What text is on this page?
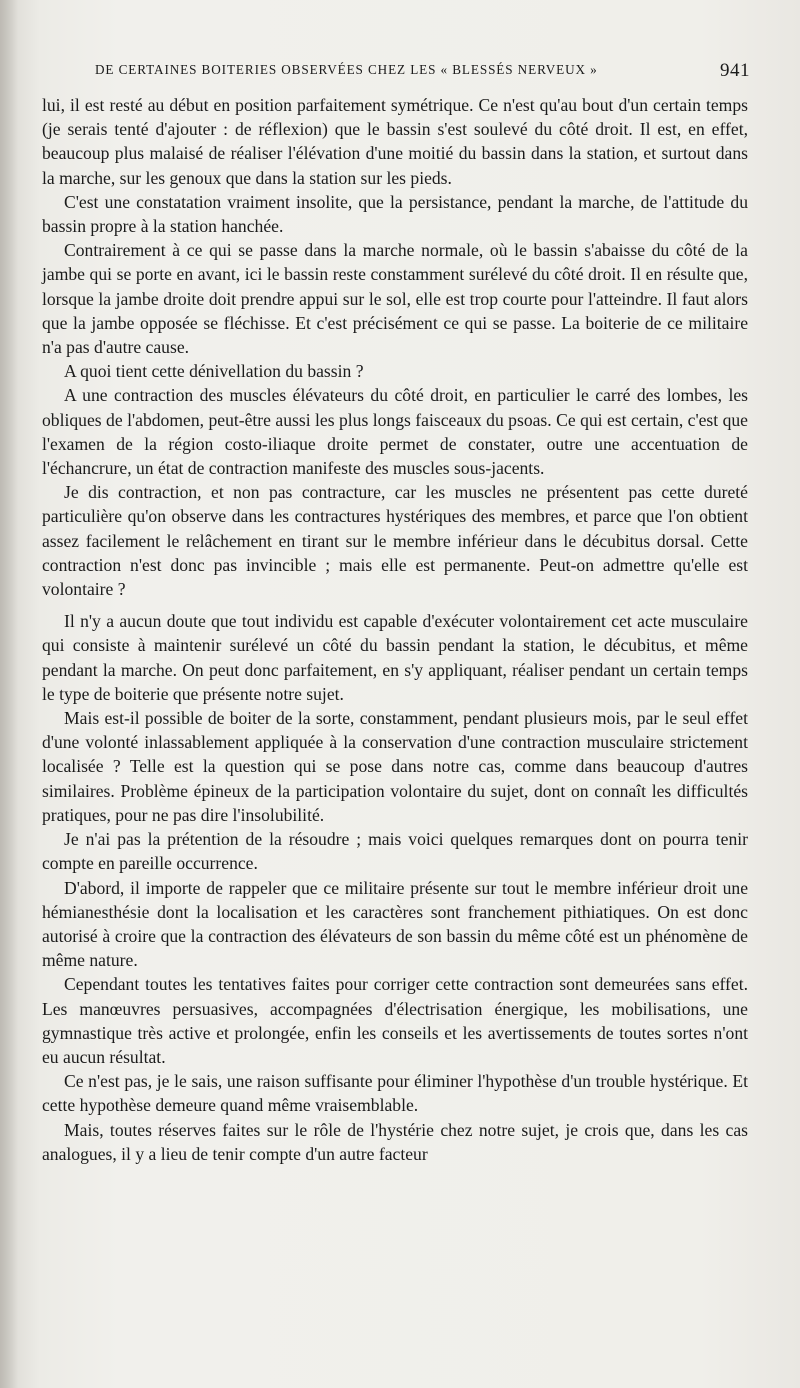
DE CERTAINES BOITERIES OBSERVÉES CHEZ LES « BLESSÉS NERVEUX »	941

lui, il est resté au début en position parfaitement symétrique. Ce n'est qu'au bout d'un certain temps (je serais tenté d'ajouter : de réflexion) que le bassin s'est soulevé du côté droit. Il est, en effet, beaucoup plus malaisé de réaliser l'élévation d'une moitié du bassin dans la station, et surtout dans la marche, sur les genoux que dans la station sur les pieds.

C'est une constatation vraiment insolite, que la persistance, pendant la marche, de l'attitude du bassin propre à la station hanchée.

Contrairement à ce qui se passe dans la marche normale, où le bassin s'abaisse du côté de la jambe qui se porte en avant, ici le bassin reste constamment surélevé du côté droit. Il en résulte que, lorsque la jambe droite doit prendre appui sur le sol, elle est trop courte pour l'atteindre. Il faut alors que la jambe opposée se fléchisse. Et c'est précisément ce qui se passe. La boiterie de ce militaire n'a pas d'autre cause.

A quoi tient cette dénivellation du bassin ?

A une contraction des muscles élévateurs du côté droit, en particulier le carré des lombes, les obliques de l'abdomen, peut-être aussi les plus longs faisceaux du psoas. Ce qui est certain, c'est que l'examen de la région costo-iliaque droite permet de constater, outre une accentuation de l'échancrure, un état de contraction manifeste des muscles sous-jacents.

Je dis contraction, et non pas contracture, car les muscles ne présentent pas cette dureté particulière qu'on observe dans les contractures hystériques des membres, et parce que l'on obtient assez facilement le relâchement en tirant sur le membre inférieur dans le décubitus dorsal. Cette contraction n'est donc pas invincible ; mais elle est permanente. Peut-on admettre qu'elle est volontaire ?

Il n'y a aucun doute que tout individu est capable d'exécuter volontairement cet acte musculaire qui consiste à maintenir surélevé un côté du bassin pendant la station, le décubitus, et même pendant la marche. On peut donc parfaitement, en s'y appliquant, réaliser pendant un certain temps le type de boiterie que présente notre sujet.

Mais est-il possible de boiter de la sorte, constamment, pendant plusieurs mois, par le seul effet d'une volonté inlassablement appliquée à la conservation d'une contraction musculaire strictement localisée ? Telle est la question qui se pose dans notre cas, comme dans beaucoup d'autres similaires. Problème épineux de la participation volontaire du sujet, dont on connaît les difficultés pratiques, pour ne pas dire l'insolubilité.

Je n'ai pas la prétention de la résoudre ; mais voici quelques remarques dont on pourra tenir compte en pareille occurrence.

D'abord, il importe de rappeler que ce militaire présente sur tout le membre inférieur droit une hémianesthésie dont la localisation et les caractères sont franchement pithiatiques. On est donc autorisé à croire que la contraction des élévateurs de son bassin du même côté est un phénomène de même nature.

Cependant toutes les tentatives faites pour corriger cette contraction sont demeurées sans effet. Les manœuvres persuasives, accompagnées d'électrisation énergique, les mobilisations, une gymnastique très active et prolongée, enfin les conseils et les avertissements de toutes sortes n'ont eu aucun résultat.

Ce n'est pas, je le sais, une raison suffisante pour éliminer l'hypothèse d'un trouble hystérique. Et cette hypothèse demeure quand même vraisemblable.

Mais, toutes réserves faites sur le rôle de l'hystérie chez notre sujet, je crois que, dans les cas analogues, il y a lieu de tenir compte d'un autre facteur
